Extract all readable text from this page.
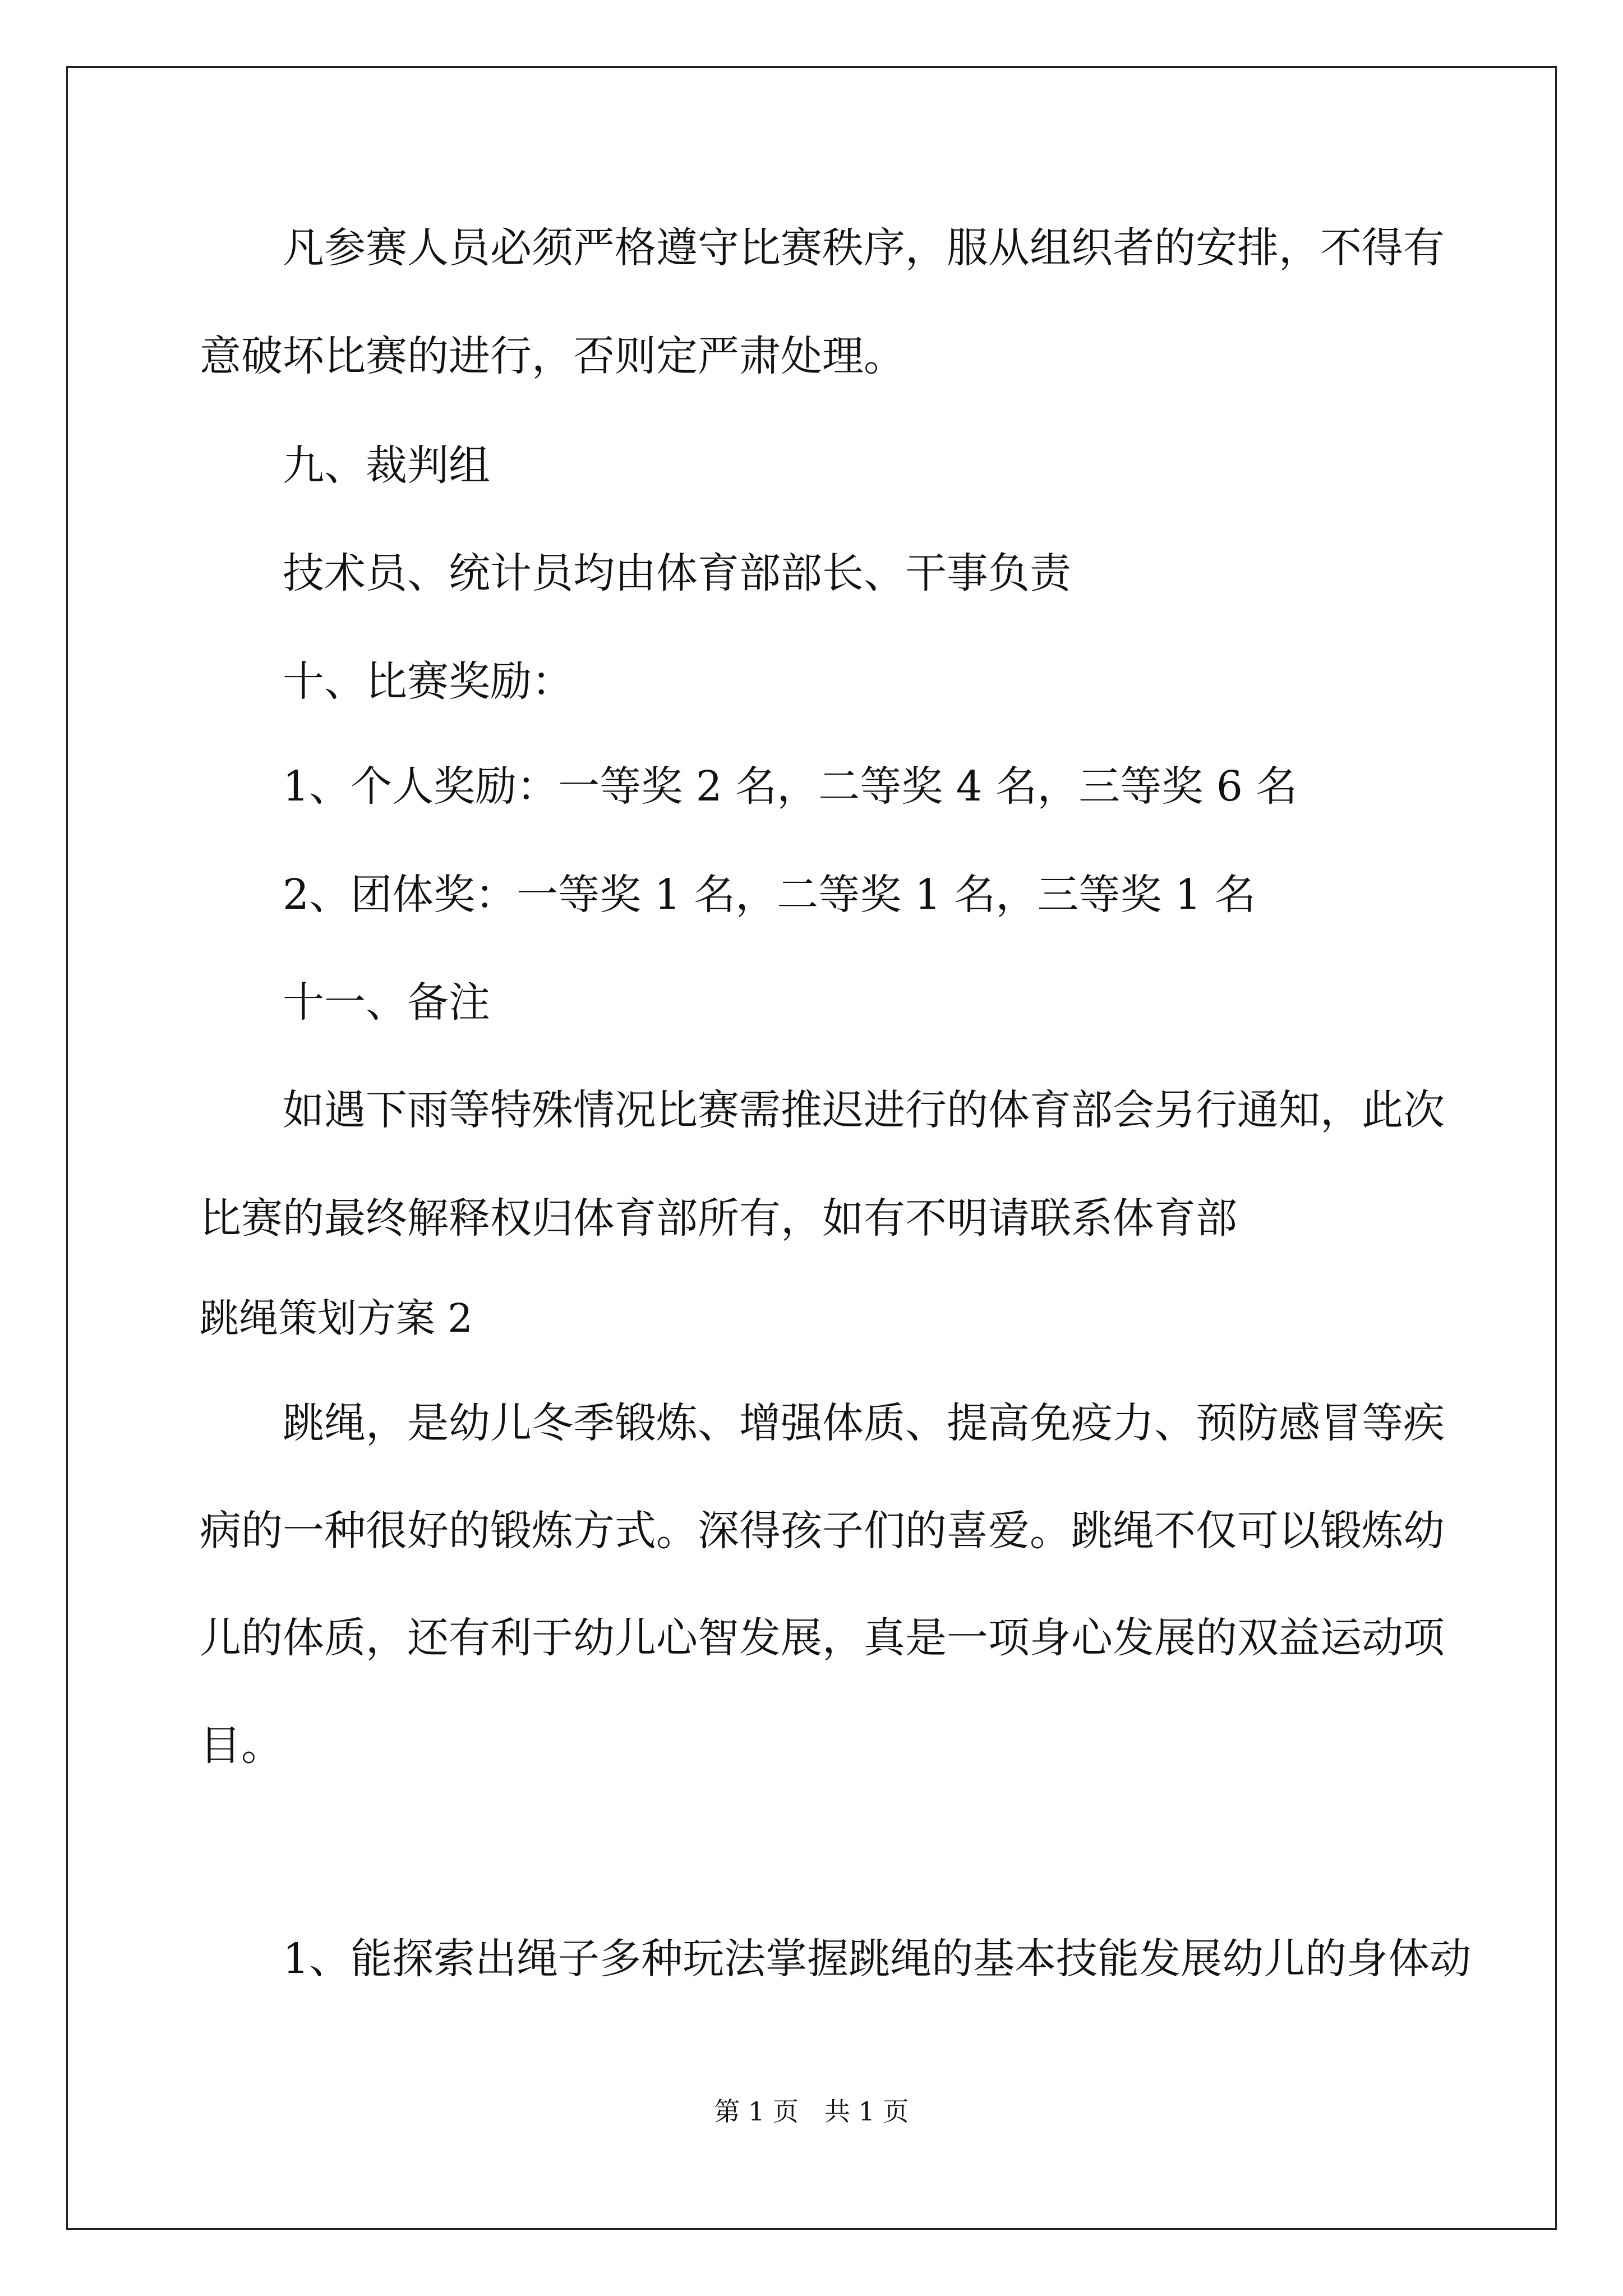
凡参赛人员必须严格遵守比赛秩序，服从组织者的安排，不得有
意破坏比赛的进行，否则定严肃处理。
九、裁判组
技术员、统计员均由体育部部长、干事负责
十、比赛奖励：
1、个人奖励：一等奖 2 名，二等奖 4 名，三等奖 6 名
2、团体奖：一等奖 1 名，二等奖 1 名，三等奖 1 名
十一、备注
如遇下雨等特殊情况比赛需推迟进行的体育部会另行通知，此次
比赛的最终解释权归体育部所有，如有不明请联系体育部
跳绳策划方案 2
跳绳，是幼儿冬季锻炼、增强体质、提高免疫力、预防感冒等疾
病的一种很好的锻炼方式。深得孩子们的喜爱。跳绳不仅可以锻炼幼
儿的体质，还有利于幼儿心智发展，真是一项身心发展的双益运动项
目。
1、能探索出绳子多种玩法掌握跳绳的基本技能发展幼儿的身体动
第 1 页　共 1 页
